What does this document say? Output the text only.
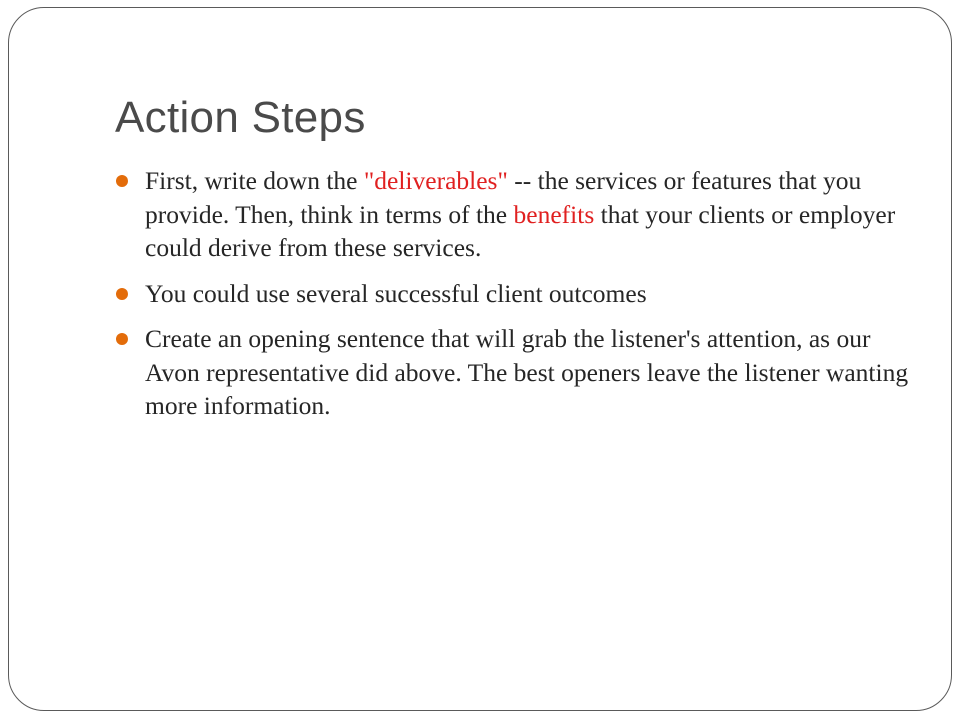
Action Steps
First, write down the "deliverables" -- the services or features that you provide. Then, think in terms of the benefits that your clients or employer could derive from these services.
You could use several successful client outcomes
Create an opening sentence that will grab the listener's attention, as our Avon representative did above. The best openers leave the listener wanting more information.
